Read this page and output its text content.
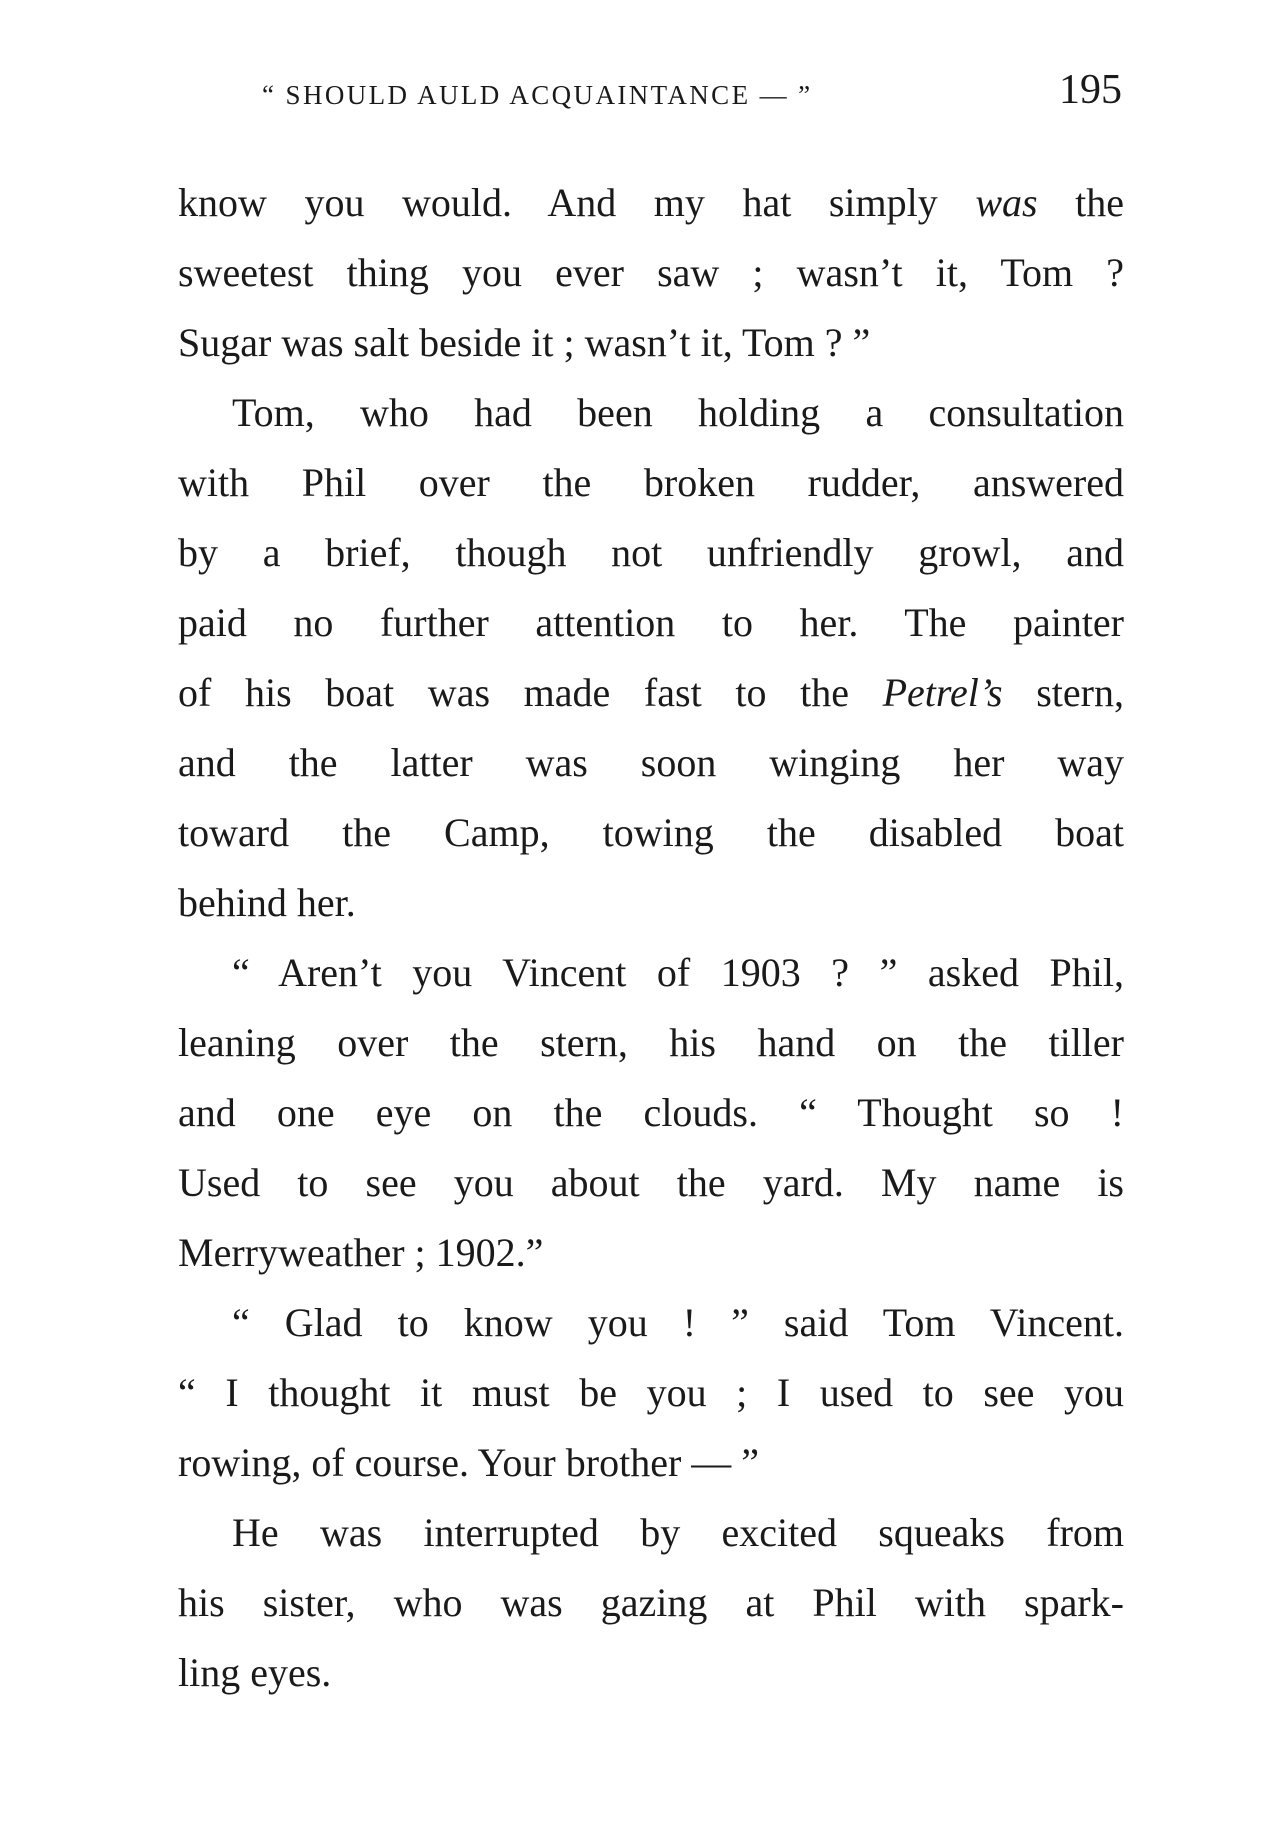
“ SHOULD AULD ACQUAINTANCE — ”	195
know you would. And my hat simply was the
sweetest thing you ever saw ; wasn’t it, Tom ?
Sugar was salt beside it ; wasn’t it, Tom ? ”
Tom, who had been holding a consultation
with Phil over the broken rudder, answered
by a brief, though not unfriendly growl, and
paid no further attention to her. The painter
of his boat was made fast to the Petrel’s stern,
and the latter was soon winging her way
toward the Camp, towing the disabled boat
behind her.
“ Aren’t you Vincent of 1903 ? ” asked Phil,
leaning over the stern, his hand on the tiller
and one eye on the clouds. “ Thought so !
Used to see you about the yard. My name is
Merryweather ; 1902.”
“ Glad to know you ! ” said Tom Vincent.
“ I thought it must be you ; I used to see you
rowing, of course. Your brother — ”
He was interrupted by excited squeaks from
his sister, who was gazing at Phil with spark-
ling eyes.
